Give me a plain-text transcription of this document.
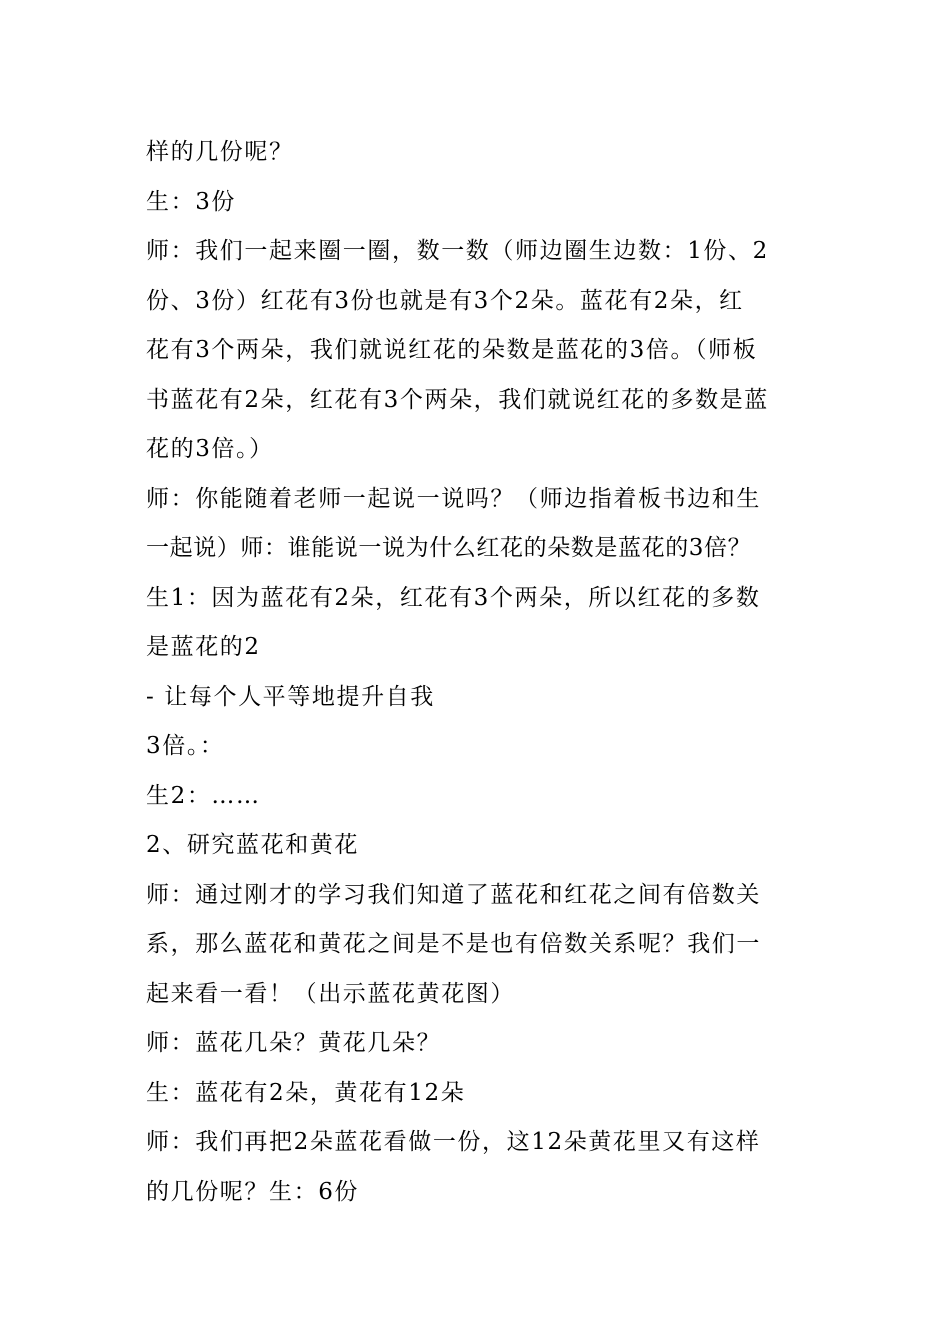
样的几份呢？
生：3份
师：我们一起来圈一圈，数一数（师边圈生边数：1份、2
份、3份）红花有3份也就是有3个2朵。蓝花有2朵，红
花有3个两朵，我们就说红花的朵数是蓝花的3倍。（师板
书蓝花有2朵，红花有3个两朵，我们就说红花的多数是蓝
花的3倍。）
师：你能随着老师一起说一说吗？（师边指着板书边和生
一起说）师：谁能说一说为什么红花的朵数是蓝花的3倍？
生1：因为蓝花有2朵，红花有3个两朵，所以红花的多数
是蓝花的2
- 让每个人平等地提升自我
3倍。：
生2：……
2、研究蓝花和黄花
师：通过刚才的学习我们知道了蓝花和红花之间有倍数关
系，那么蓝花和黄花之间是不是也有倍数关系呢？我们一
起来看一看！（出示蓝花黄花图）
师：蓝花几朵？黄花几朵？
生：蓝花有2朵，黄花有12朵
师：我们再把2朵蓝花看做一份，这12朵黄花里又有这样
的几份呢？生：6份
